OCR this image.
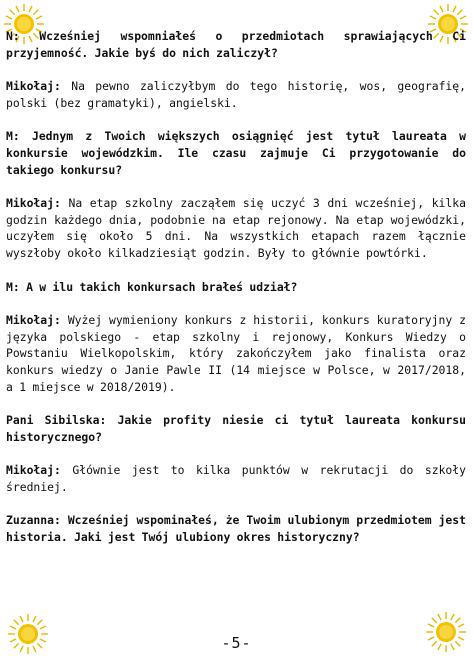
N: Wcześniej wspomniałeś o przedmiotach sprawiających Ci przyjemność. Jakie byś do nich zaliczył?

Mikołaj: Na pewno zaliczyłbym do tego historię, wos, geografię, polski (bez gramatyki), angielski.

M: Jednym z Twoich większych osiągnięć jest tytuł laureata w konkursie wojewódzkim. Ile czasu zajmuje Ci przygotowanie do takiego konkursu?

Mikołaj: Na etap szkolny zacząłem się uczyć 3 dni wcześniej, kilka godzin każdego dnia, podobnie na etap rejonowy. Na etap wojewódzki, uczyłem się około 5 dni. Na wszystkich etapach razem łącznie wyszłoby około kilkadziesiąt godzin. Były to głównie powtórki.

M: A w ilu takich konkursach brałeś udział?

Mikołaj: Wyżej wymieniony konkurs z historii, konkurs kuratoryjny z języka polskiego - etap szkolny i rejonowy, Konkurs Wiedzy o Powstaniu Wielkopolskim, który zakończyłem jako finalista oraz konkurs wiedzy o Janie Pawle II (14 miejsce w Polsce, w 2017/2018, a 1 miejsce w 2018/2019).

Pani Sibilska: Jakie profity niesie ci tytuł laureata konkursu historycznego?

Mikołaj: Głównie jest to kilka punktów w rekrutacji do szkoły średniej.

Zuzanna: Wcześniej wspominałeś, że Twoim ulubionym przedmiotem jest historia. Jaki jest Twój ulubiony okres historyczny?

-5-
